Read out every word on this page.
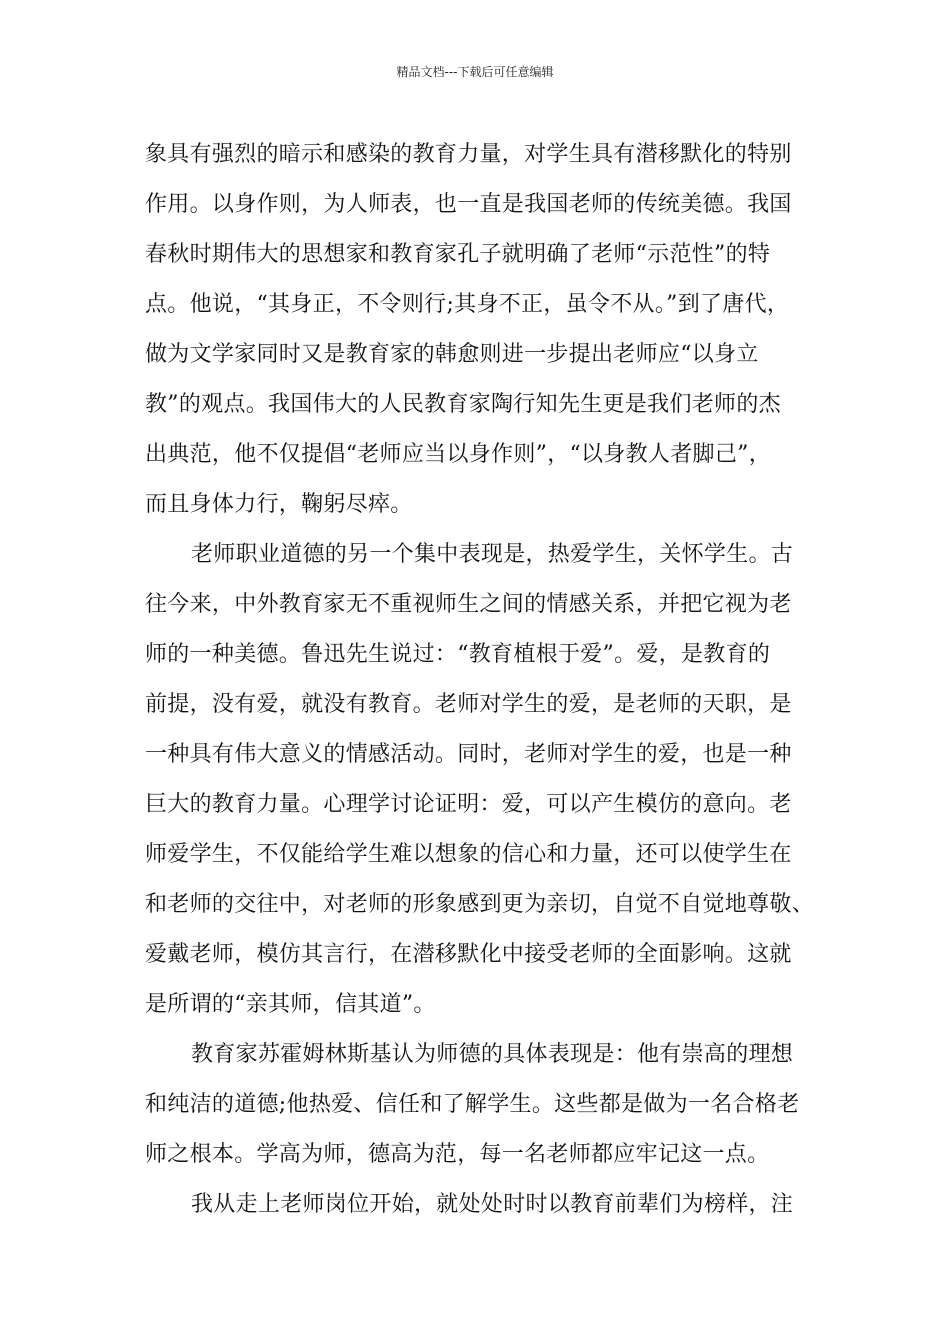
精品文档---下载后可任意编辑
象具有强烈的暗示和感染的教育力量，对学生具有潜移默化的特别
作用。以身作则，为人师表，也一直是我国老师的传统美德。我国
春秋时期伟大的思想家和教育家孔子就明确了老师“示范性”的特
点。他说，“其身正，不令则行;其身不正，虽令不从。”到了唐代，
做为文学家同时又是教育家的韩愈则进一步提出老师应“以身立
教”的观点。我国伟大的人民教育家陶行知先生更是我们老师的杰
出典范，他不仅提倡“老师应当以身作则”，“以身教人者脚己”，
而且身体力行，鞠躬尽瘁。
老师职业道德的另一个集中表现是，热爱学生，关怀学生。古
往今来，中外教育家无不重视师生之间的情感关系，并把它视为老
师的一种美德。鲁迅先生说过：“教育植根于爱”。爱，是教育的
前提，没有爱，就没有教育。老师对学生的爱，是老师的天职，是
一种具有伟大意义的情感活动。同时，老师对学生的爱，也是一种
巨大的教育力量。心理学讨论证明：爱，可以产生模仿的意向。老
师爱学生，不仅能给学生难以想象的信心和力量，还可以使学生在
和老师的交往中，对老师的形象感到更为亲切，自觉不自觉地尊敬、
爱戴老师，模仿其言行，在潜移默化中接受老师的全面影响。这就
是所谓的“亲其师，信其道”。
教育家苏霍姆林斯基认为师德的具体表现是：他有崇高的理想
和纯洁的道德;他热爱、信任和了解学生。这些都是做为一名合格老
师之根本。学高为师，德高为范，每一名老师都应牢记这一点。
我从走上老师岗位开始，就处处时时以教育前辈们为榜样，注
